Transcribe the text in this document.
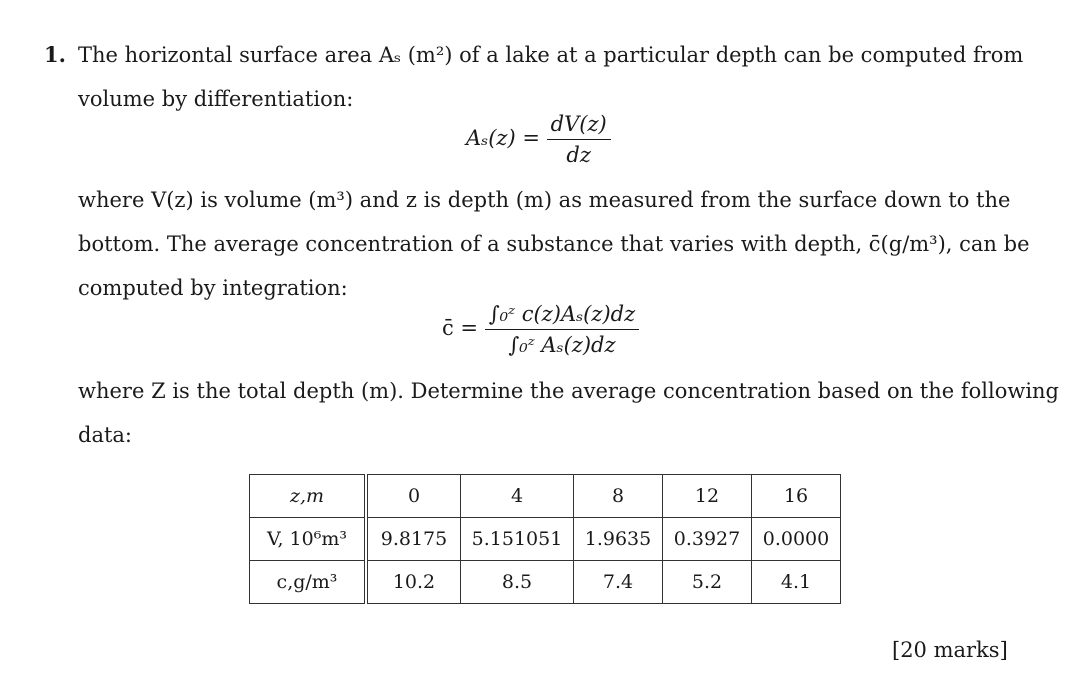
1. The horizontal surface area Aₛ (m²) of a lake at a particular depth can be computed from
volume by differentiation:
$A_s(z) = \frac{dV(z)}{dz}$
where V(z) is volume (m³) and z is depth (m) as measured from the surface down to the
bottom. The average concentration of a substance that varies with depth, c̄(g/m³), can be
computed by integration:
c̄ = $\frac{\text{∫₀ᶻ c(z)Aₛ(z)dz}}{\text{∫₀ᶻ Aₛ(z)dz}}$
where Z is the total depth (m). Determine the average concentration based on the following
data:
z,m	0	4	8	12	16
V, 10⁶m³	9.8175	5.151051	1.9635	0.3927	0.0000
c,g/m³	10.2	8.5	7.4	5.2	4.1
[20 marks]
